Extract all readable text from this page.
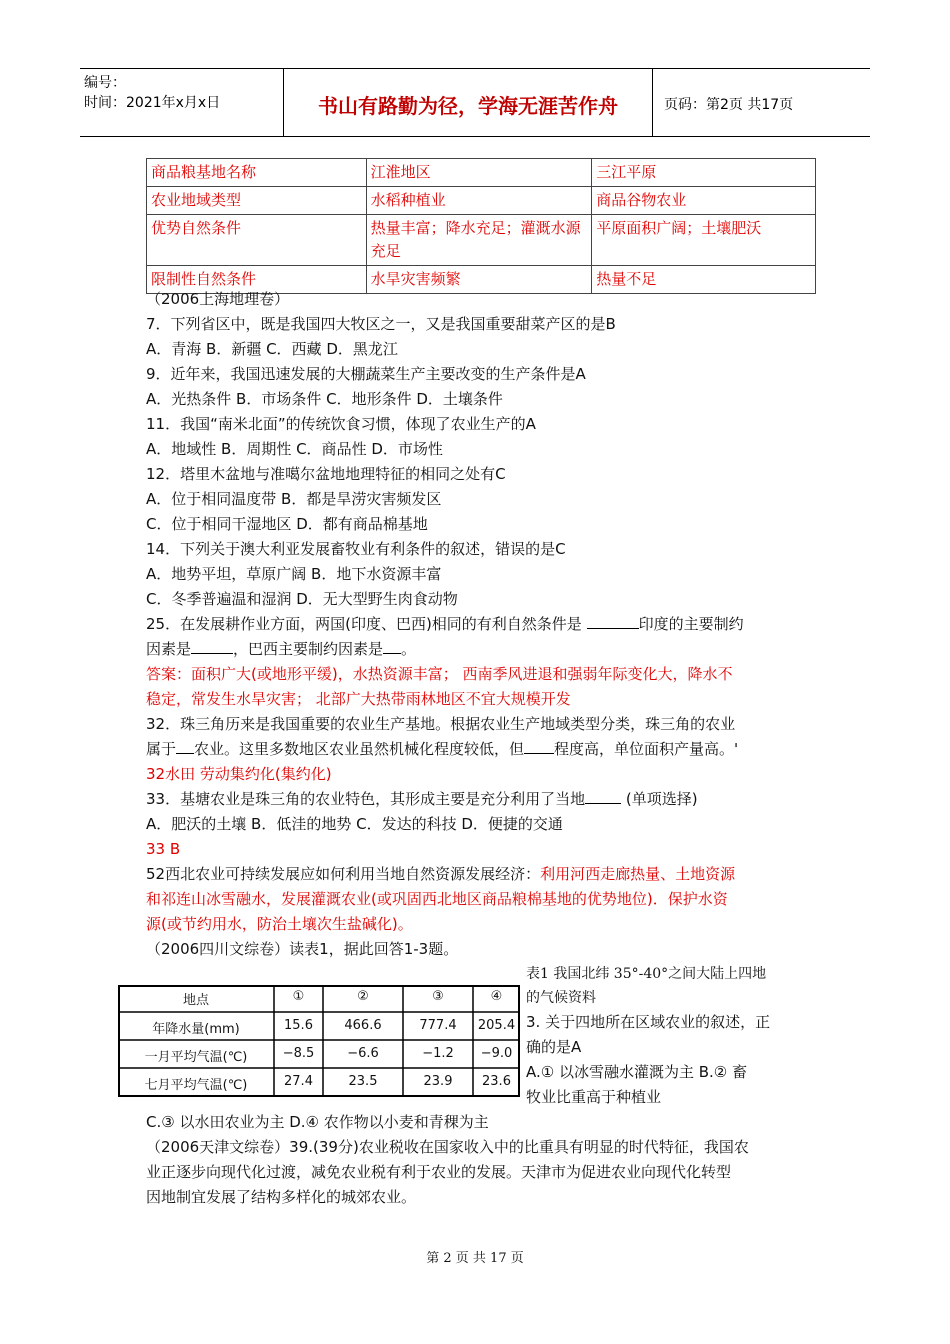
编号：
时间：2021年x月x日	书山有路勤为径，学海无涯苦作舟	页码：第2页 共17页
商品粮基地名称	江淮地区	三江平原
农业地域类型	水稻种植业	商品谷物农业
优势自然条件	热量丰富；降水充足；灌溉水源充足	平原面积广阔；土壤肥沃
限制性自然条件	水旱灾害频繁	热量不足
（2006上海地理卷）
7．下列省区中，既是我国四大牧区之一，又是我国重要甜菜产区的是B
A．青海 B．新疆 C．西藏 D．黑龙江
9．近年来，我国迅速发展的大棚蔬菜生产主要改变的生产条件是A
A．光热条件 B．市场条件 C．地形条件 D．土壤条件
11．我国“南米北面”的传统饮食习惯，体现了农业生产的A
A．地域性 B．周期性 C．商品性 D．市场性
12．塔里木盆地与准噶尔盆地地理特征的相同之处有C
A．位于相同温度带 B．都是旱涝灾害频发区
C．位于相同干湿地区 D．都有商品棉基地
14．下列关于澳大利亚发展畜牧业有利条件的叙述，错误的是C
A．地势平坦，草原广阔 B．地下水资源丰富
C．冬季普遍温和湿润 D．无大型野生肉食动物
25．在发展耕作业方面，两国(印度、巴西)相同的有利自然条件是	印度的主要制约
因素是	，巴西主要制约因素是 。
答案：面积广大(或地形平缓)，水热资源丰富； 西南季风进退和强弱年际变化大，降水不
稳定，常发生水旱灾害； 北部广大热带雨林地区不宜大规模开发
32．珠三角历来是我国重要的农业生产基地。根据农业生产地域类型分类，珠三角的农业
属于 农业。这里多数地区农业虽然机械化程度较低，但 程度高，单位面积产量高。'
32水田 劳动集约化(集约化)
33．基塘农业是珠三角的农业特色，其形成主要是充分利用了当地 (单项选择)
A．肥沃的土壤 B．低洼的地势 C．发达的科技 D．便捷的交通
33 B
52西北农业可持续发展应如何利用当地自然资源发展经济：利用河西走廊热量、土地资源
和祁连山冰雪融水，发展灌溉农业(或巩固西北地区商品粮棉基地的优势地位)．保护水资
源(或节约用水，防治土壤次生盐碱化)。
（2006四川文综卷）读表1，据此回答1-3题。
表1 我国北纬 35°-40°之间大陆上四地
的气候资料
地点	①	②	③	④
年降水量(mm)	15.6	466.6	777.4	205.4
一月平均气温(℃)	−8.5	−6.6	−1.2	−9.0
七月平均气温(℃)	27.4	23.5	23.9	23.6
3. 关于四地所在区域农业的叙述，正
确的是A
A.① 以冰雪融水灌溉为主 B.② 畜
牧业比重高于种植业
C.③ 以水田农业为主 D.④ 农作物以小麦和青稞为主
（2006天津文综卷）39.(39分)农业税收在国家收入中的比重具有明显的时代特征，我国农
业正逐步向现代化过渡，减免农业税有利于农业的发展。天津市为促进农业向现代化转型
因地制宜发展了结构多样化的城郊农业。
第 2 页 共 17 页
